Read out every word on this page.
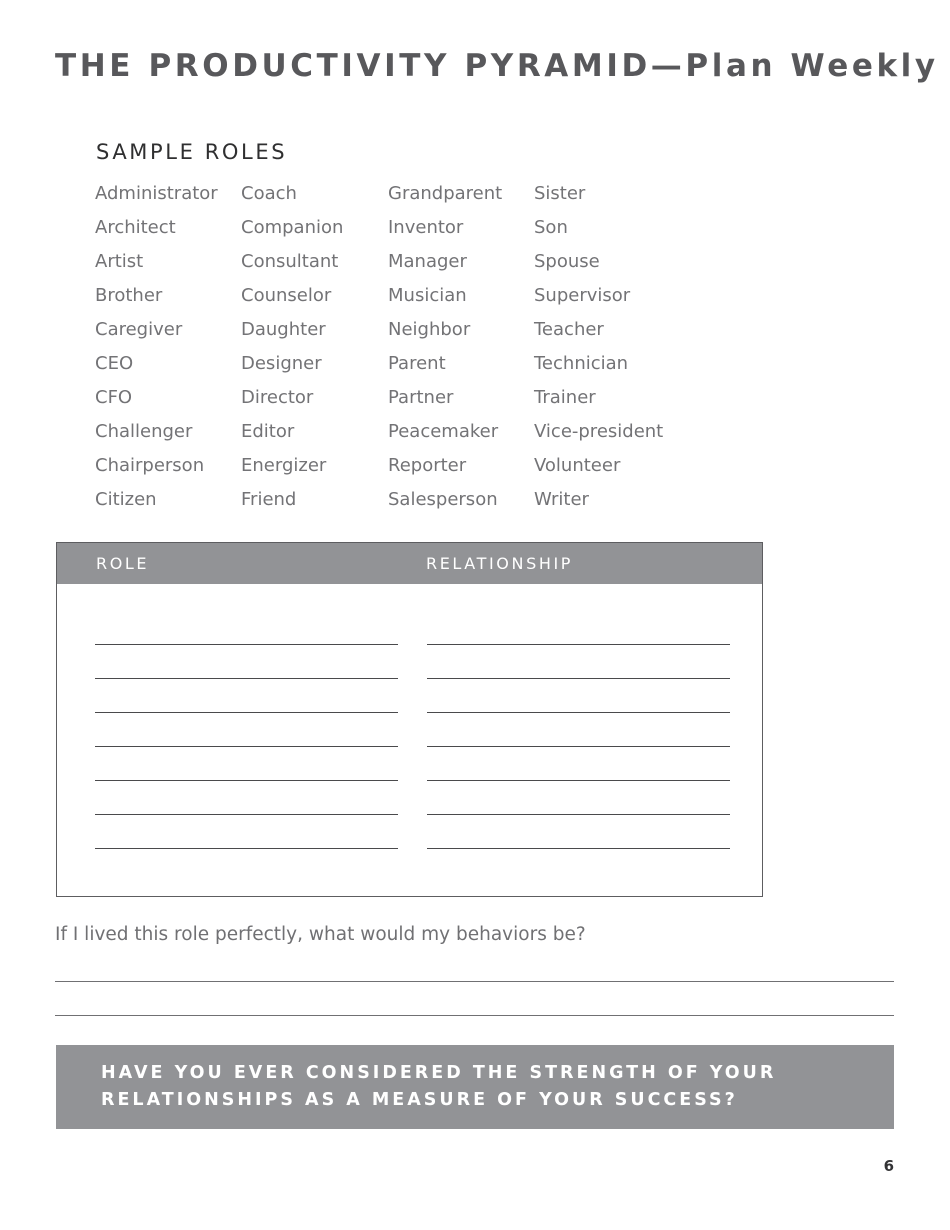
THE PRODUCTIVITY PYRAMID—Plan Weekly
SAMPLE ROLES
Administrator
Architect
Artist
Brother
Caregiver
CEO
CFO
Challenger
Chairperson
Citizen
Coach
Companion
Consultant
Counselor
Daughter
Designer
Director
Editor
Energizer
Friend
Grandparent
Inventor
Manager
Musician
Neighbor
Parent
Partner
Peacemaker
Reporter
Salesperson
Sister
Son
Spouse
Supervisor
Teacher
Technician
Trainer
Vice-president
Volunteer
Writer
ROLE	RELATIONSHIP
If I lived this role perfectly, what would my behaviors be?
HAVE YOU EVER CONSIDERED THE STRENGTH OF YOUR
RELATIONSHIPS AS A MEASURE OF YOUR SUCCESS?
6
